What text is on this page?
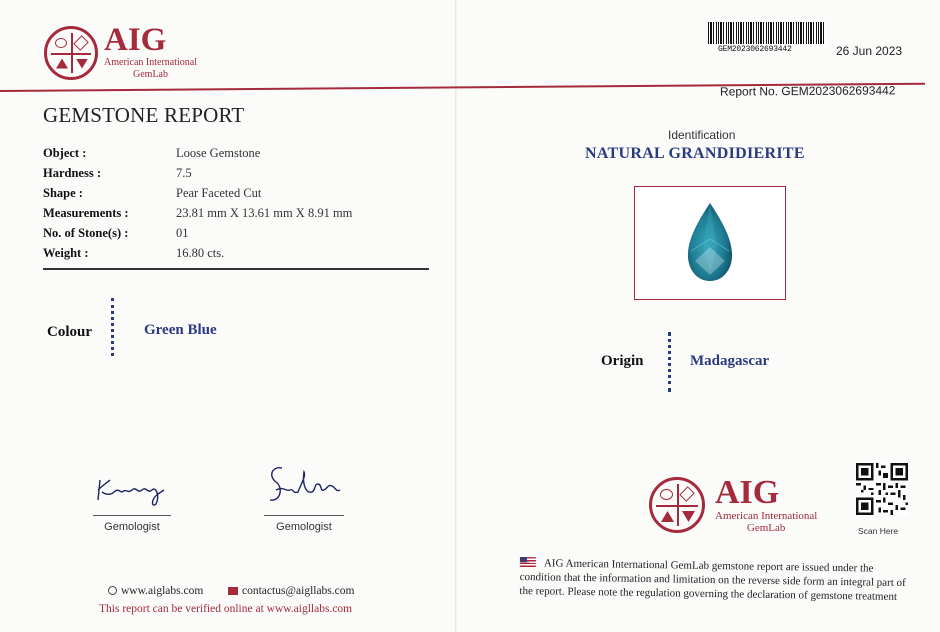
AIG
American International
GemLab
GEM2023062693442	26 Jun 2023
Report No. GEM2023062693442
GEMSTONE REPORT
Object :	Loose Gemstone
Hardness :	7.5
Shape :	Pear Faceted Cut
Measurements :	23.81 mm X 13.61 mm X 8.91 mm
No. of Stone(s) :	01
Weight :	16.80 cts.
Colour	Green Blue
Gemologist	Gemologist
www.aiglabs.com	contactus@aigllabs.com
This report can be verified online at www.aigllabs.com
Identification
NATURAL GRANDIDIERITE
Origin	Madagascar
AIG
American International
GemLab	Scan Here
AIG American International GemLab gemstone report are issued under the condition that the information and limitation on the reverse side form an integral part of the report. Please note the regulation governing the declaration of gemstone treatment
